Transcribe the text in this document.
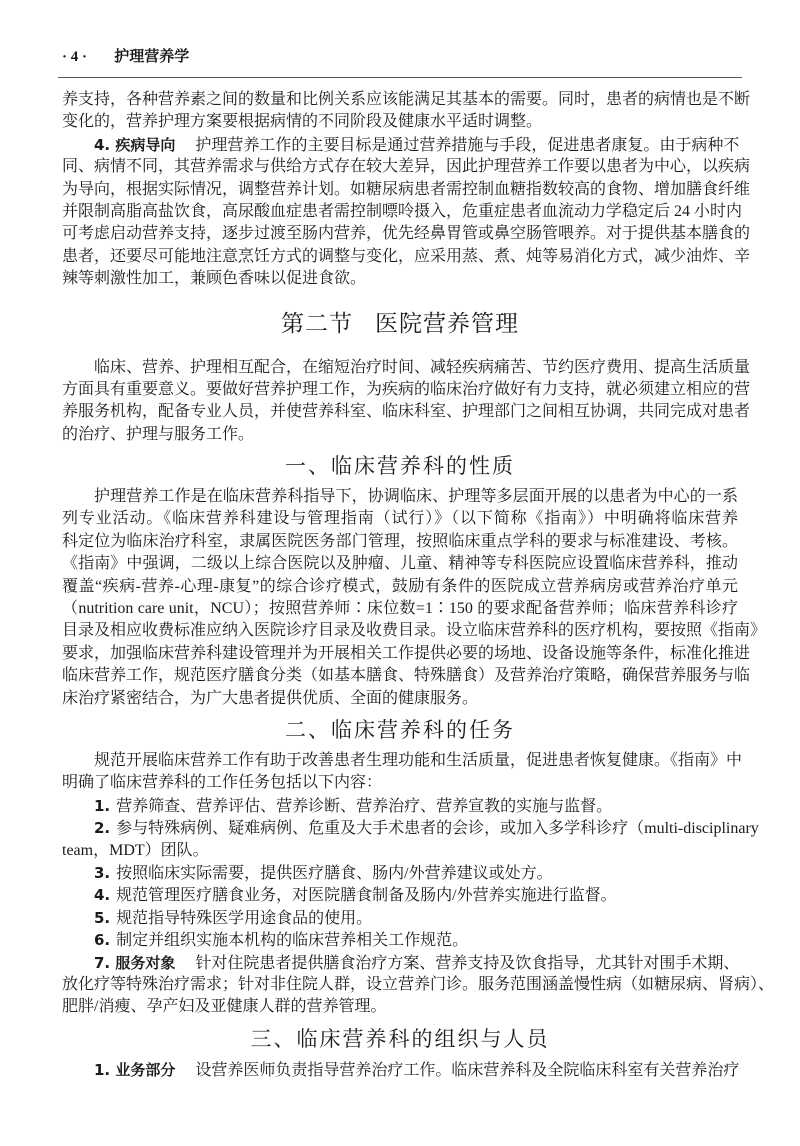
· 4 · 护理营养学
养支持，各种营养素之间的数量和比例关系应该能满足其基本的需要。同时，患者的病情也是不断
变化的，营养护理方案要根据病情的不同阶段及健康水平适时调整。
4. 疾病导向 护理营养工作的主要目标是通过营养措施与手段，促进患者康复。由于病种不
同、病情不同，其营养需求与供给方式存在较大差异，因此护理营养工作要以患者为中心，以疾病
为导向，根据实际情况，调整营养计划。如糖尿病患者需控制血糖指数较高的食物、增加膳食纤维
并限制高脂高盐饮食，高尿酸血症患者需控制嘌呤摄入，危重症患者血流动力学稳定后 24 小时内
可考虑启动营养支持，逐步过渡至肠内营养，优先经鼻胃管或鼻空肠管喂养。对于提供基本膳食的
患者，还要尽可能地注意烹饪方式的调整与变化，应采用蒸、煮、炖等易消化方式，减少油炸、辛
辣等刺激性加工，兼顾色香味以促进食欲。
第二节 医院营养管理
临床、营养、护理相互配合，在缩短治疗时间、减轻疾病痛苦、节约医疗费用、提高生活质量
方面具有重要意义。要做好营养护理工作，为疾病的临床治疗做好有力支持，就必须建立相应的营
养服务机构，配备专业人员，并使营养科室、临床科室、护理部门之间相互协调，共同完成对患者
的治疗、护理与服务工作。
一、临床营养科的性质
护理营养工作是在临床营养科指导下，协调临床、护理等多层面开展的以患者为中心的一系
列专业活动。《临床营养科建设与管理指南（试行）》（以下简称《指南》）中明确将临床营养
科定位为临床治疗科室，隶属医院医务部门管理，按照临床重点学科的要求与标准建设、考核。
《指南》中强调，二级以上综合医院以及肿瘤、儿童、精神等专科医院应设置临床营养科，推动
覆盖“疾病-营养-心理-康复”的综合诊疗模式，鼓励有条件的医院成立营养病房或营养治疗单元
（nutrition care unit，NCU）；按照营养师∶床位数=1∶150 的要求配备营养师；临床营养科诊疗
目录及相应收费标准应纳入医院诊疗目录及收费目录。设立临床营养科的医疗机构，要按照《指南》
要求，加强临床营养科建设管理并为开展相关工作提供必要的场地、设备设施等条件，标准化推进
临床营养工作，规范医疗膳食分类（如基本膳食、特殊膳食）及营养治疗策略，确保营养服务与临
床治疗紧密结合，为广大患者提供优质、全面的健康服务。
二、临床营养科的任务
规范开展临床营养工作有助于改善患者生理功能和生活质量，促进患者恢复健康。《指南》中
明确了临床营养科的工作任务包括以下内容：
1. 营养筛查、营养评估、营养诊断、营养治疗、营养宣教的实施与监督。
2. 参与特殊病例、疑难病例、危重及大手术患者的会诊，或加入多学科诊疗（multi-disciplinary
team，MDT）团队。
3. 按照临床实际需要，提供医疗膳食、肠内/外营养建议或处方。
4. 规范管理医疗膳食业务，对医院膳食制备及肠内/外营养实施进行监督。
5. 规范指导特殊医学用途食品的使用。
6. 制定并组织实施本机构的临床营养相关工作规范。
7. 服务对象 针对住院患者提供膳食治疗方案、营养支持及饮食指导，尤其针对围手术期、
放化疗等特殊治疗需求；针对非住院人群，设立营养门诊。服务范围涵盖慢性病（如糖尿病、肾病）、
肥胖/消瘦、孕产妇及亚健康人群的营养管理。
三、临床营养科的组织与人员
1. 业务部分 设营养医师负责指导营养治疗工作。临床营养科及全院临床科室有关营养治疗
